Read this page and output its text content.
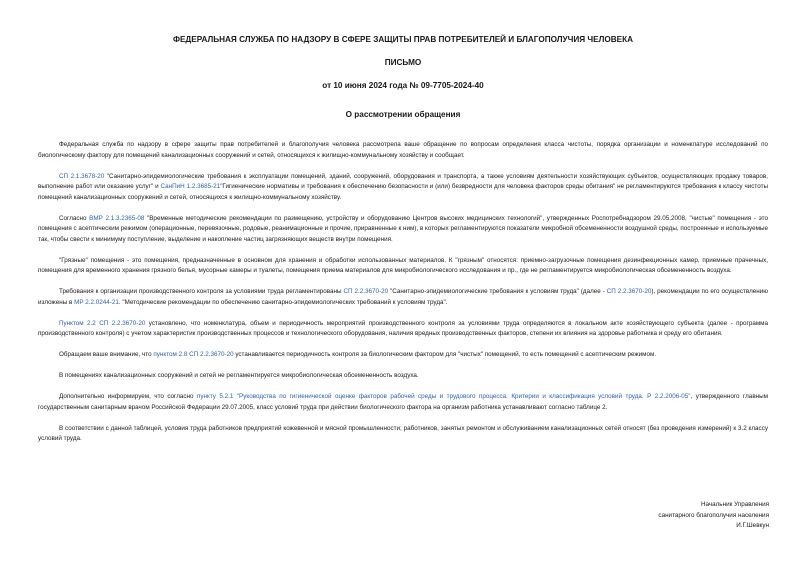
ФЕДЕРАЛЬНАЯ СЛУЖБА ПО НАДЗОРУ В СФЕРЕ ЗАЩИТЫ ПРАВ ПОТРЕБИТЕЛЕЙ И БЛАГОПОЛУЧИЯ ЧЕЛОВЕКА

ПИСЬМО

от 10 июня 2024 года № 09-7705-2024-40

О рассмотрении обращения

Федеральная служба по надзору в сфере защиты прав потребителей и благополучия человека рассмотрела ваше обращение по вопросам определения класса чистоты, порядка организации и номенклатуре исследований по биологическому фактору для помещений канализационных сооружений и сетей, относящихся к жилищно-коммунальному хозяйству и сообщает.

СП 2.1.3678-20 "Санитарно-эпидемиологические требования к эксплуатации помещений, зданий, сооружений, оборудования и транспорта, а также условиям деятельности хозяйствующих субъектов, осуществляющих продажу товаров, выполнение работ или оказание услуг" и СанПиН 1.2.3685-21"Гигиенические нормативы и требования к обеспечению безопасности и (или) безвредности для человека факторов среды обитания" не регламентируются требования к классу чистоты помещений канализационных сооружений и сетей, относящихся к жилищно-коммунальному хозяйству.

Согласно ВМР 2.1.3.2365-08 "Временные методические рекомендации по размещению, устройству и оборудованию Центров высоких медицинских технологий", утвержденных Роспотребнадзором 29.05.2008, "чистые" помещения - это помещения с асептическим режимом (операционные, перевязочные, родовые, реанимационные и прочие, приравненные к ним), в которых регламентируются показатели микробной обсемененности воздушной среды, построенные и используемые так, чтобы свести к минимуму поступление, выделение и накопление частиц загрязняющих веществ внутри помещения.

"Грязные" помещения - это помещения, предназначенные в основном для хранения и обработки использованных материалов. К "грязным" относятся: приемно-загрузочные помещения дезинфекционных камер, приемные прачечных, помещения для временного хранения грязного белья, мусорные камеры и туалеты, помещения приема материалов для микробиологического исследования и пр., где не регламентируется микробиологическая обсемененность воздуха.

Требования к организации производственного контроля за условиями труда регламентированы СП 2.2.3670-20 "Санитарно-эпидемиологические требования к условиям труда" (далее - СП 2.2.3670-20), рекомендации по его осуществлению изложены в МР 2.2.0244-21. "Методические рекомендации по обеспечению санитарно-эпидемиологических требований к условиям труда".

Пунктом 2.2 СП 2.2.3670-20 установлено, что номенклатура, объем и периодичность мероприятий производственного контроля за условиями труда определяются в локальном акте хозяйствующего субъекта (далее - программа производственного контроля) с учетом характеристик производственных процессов и технологического оборудования, наличия вредных производственных факторов, степени их влияния на здоровье работника и среду его обитания.

Обращаем ваше внимание, что пунктом 2.8 СП 2.2.3670-20 устанавливается периодичность контроля за биологическим фактором для "чистых" помещений, то есть помещений с асептическим режимом.

В помещениях канализационных сооружений и сетей не регламентируется микробиологическая обсемененность воздуха.

Дополнительно информируем, что согласно пункту 5.2.1 "Руководства по гигиенической оценке факторов рабочей среды и трудового процесса. Критерии и классификация условий труда. Р 2.2.2006-05", утвержденного главным государственным санитарным врачом Российской Федерации 29.07.2005, класс условий труда при действии биологического фактора на организм работника устанавливают согласно таблице 2.

В соответствии с данной таблицей, условия труда работников предприятий кожевенной и мясной промышленности; работников, занятых ремонтом и обслуживанием канализационных сетей относят (без проведения измерений) к 3.2 классу условий труда.

Начальник Управления
санитарного благополучия населения
И.Г.Шевкун
